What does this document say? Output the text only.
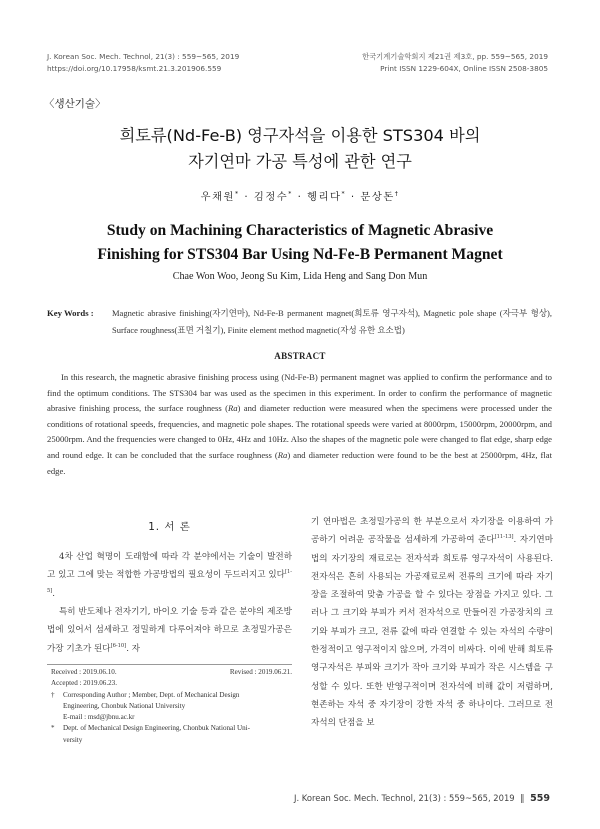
J. Korean Soc. Mech. Technol, 21(3) : 559~565, 2019
https://doi.org/10.17958/ksmt.21.3.201906.559
한국기계기술학회지 제21권 제3호, pp. 559~565, 2019
Print ISSN 1229-604X, Online ISSN 2508-3805
〈생산기술〉
희토류(Nd-Fe-B) 영구자석을 이용한 STS304 바의
자기연마 가공 특성에 관한 연구
우채원* · 김정수* · 헹리다* · 문상돈†
Study on Machining Characteristics of Magnetic Abrasive
Finishing for STS304 Bar Using Nd-Fe-B Permanent Magnet
Chae Won Woo, Jeong Su Kim, Lida Heng and Sang Don Mun
Key Words : Magnetic abrasive finishing(자기연마), Nd-Fe-B permanent magnet(희토류 영구자석), Magnetic pole shape (자극부 형상), Surface roughness(표면 거칠기), Finite element method magnetic(자성 유한 요소법)
ABSTRACT
In this research, the magnetic abrasive finishing process using (Nd-Fe-B) permanent magnet was applied to confirm the performance and to find the optimum conditions. The STS304 bar was used as the specimen in this experiment. In order to confirm the performance of magnetic abrasive finishing process, the surface roughness (Ra) and diameter reduction were measured when the specimens were processed under the conditions of rotational speeds, frequencies, and magnetic pole shapes. The rotational speeds were varied at 8000rpm, 15000rpm, 20000rpm, and 25000rpm. And the frequencies were changed to 0Hz, 4Hz and 10Hz. Also the shapes of the magnetic pole were changed to flat edge, sharp edge and round edge. It can be concluded that the surface roughness (Ra) and diameter reduction were found to be the best at 25000rpm, 4Hz, flat edge.
1. 서 론
4차 산업 혁명이 도래함에 따라 각 분야에서는 기술이 발전하고 있고 그에 맞는 적합한 가공방법의 필요성이 두드러지고 있다[1-5].
특히 반도체나 전자기기, 바이오 기술 등과 같은 분야의 제조방법에 있어서 섬세하고 정밀하게 다루어져야 하므로 초정밀가공은 가장 기초가 된다[6-10]. 자
Received : 2019.06.10.	Revised : 2019.06.21.
Accepted : 2019.06.23.
† Corresponding Author ; Member, Dept. of Mechanical Design
Engineering, Chonbuk National University
E-mail : msd@jbnu.ac.kr
* Dept. of Mechanical Design Engineering, Chonbuk National Uni-
versity
기 연마법은 초정밀가공의 한 부분으로서 자기장을 이용하여 가공하기 어려운 공작물을 섬세하게 가공하여 준다[11-13]. 자기연마법의 자기장의 재료로는 전자석과 희토류 영구자석이 사용된다. 전자석은 흔히 사용되는 가공재료로써 전류의 크기에 따라 자기장을 조절하여 맞춤 가공을 할 수 있다는 장점을 가지고 있다. 그러나 그 크기와 부피가 커서 전자석으로 만들어진 가공장치의 크기와 부피가 크고, 전류 값에 따라 연결할 수 있는 자석의 수량이 한정적이고 영구적이지 않으며, 가격이 비싸다. 이에 반해 희토류 영구자석은 부피와 크기가 작아 크기와 부피가 작은 시스템을 구성할 수 있다. 또한 반영구적이며 전자석에 비해 값이 저렴하며, 현존하는 자석 중 자기장이 강한 자석 중 하나이다. 그러므로 전자석의 단점을 보
J. Korean Soc. Mech. Technol, 21(3) : 559~565, 2019 ‖ 559
